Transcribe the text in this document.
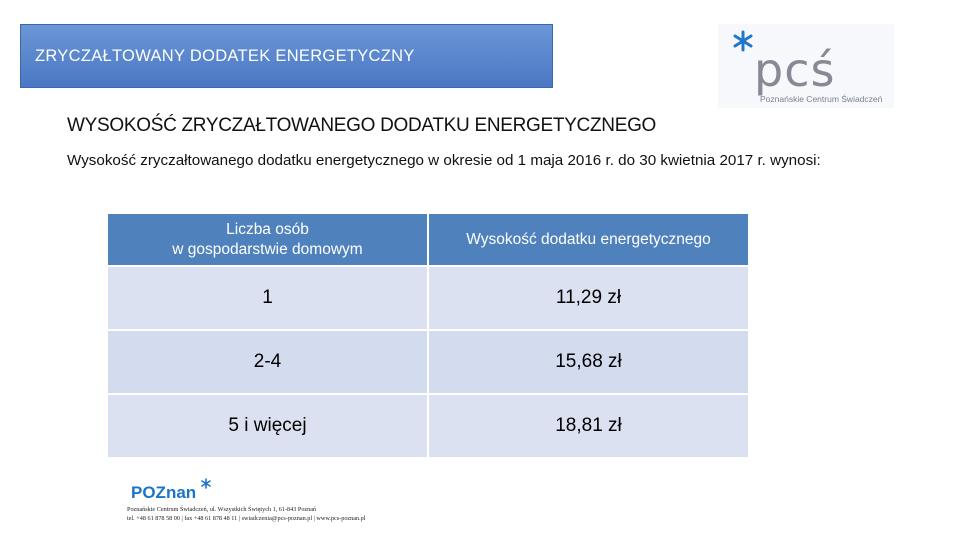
ZRYCZAŁTOWANY DODATEK ENERGETYCZNY	pcś
Poznańskie Centrum Świadczeń
WYSOKOŚĆ ZRYCZAŁTOWANEGO DODATKU ENERGETYCZNEGO
Wysokość zryczałtowanego dodatku energetycznego w okresie od 1 maja 2016 r. do 30 kwietnia 2017 r. wynosi:
Liczba osób
w gospodarstwie domowym	Wysokość dodatku energetycznego
1	11,29 zł
2-4	15,68 zł
5 i więcej	18,81 zł
POZnan
Poznańskie Centrum Świadczeń, ul. Wszystkich Świętych 1, 61-843 Poznań
tel. +48 61 878 58 00 | fax +48 61 878 48 11 | swiadczenia@pcs-poznan.pl | www.pcs-poznan.pl
